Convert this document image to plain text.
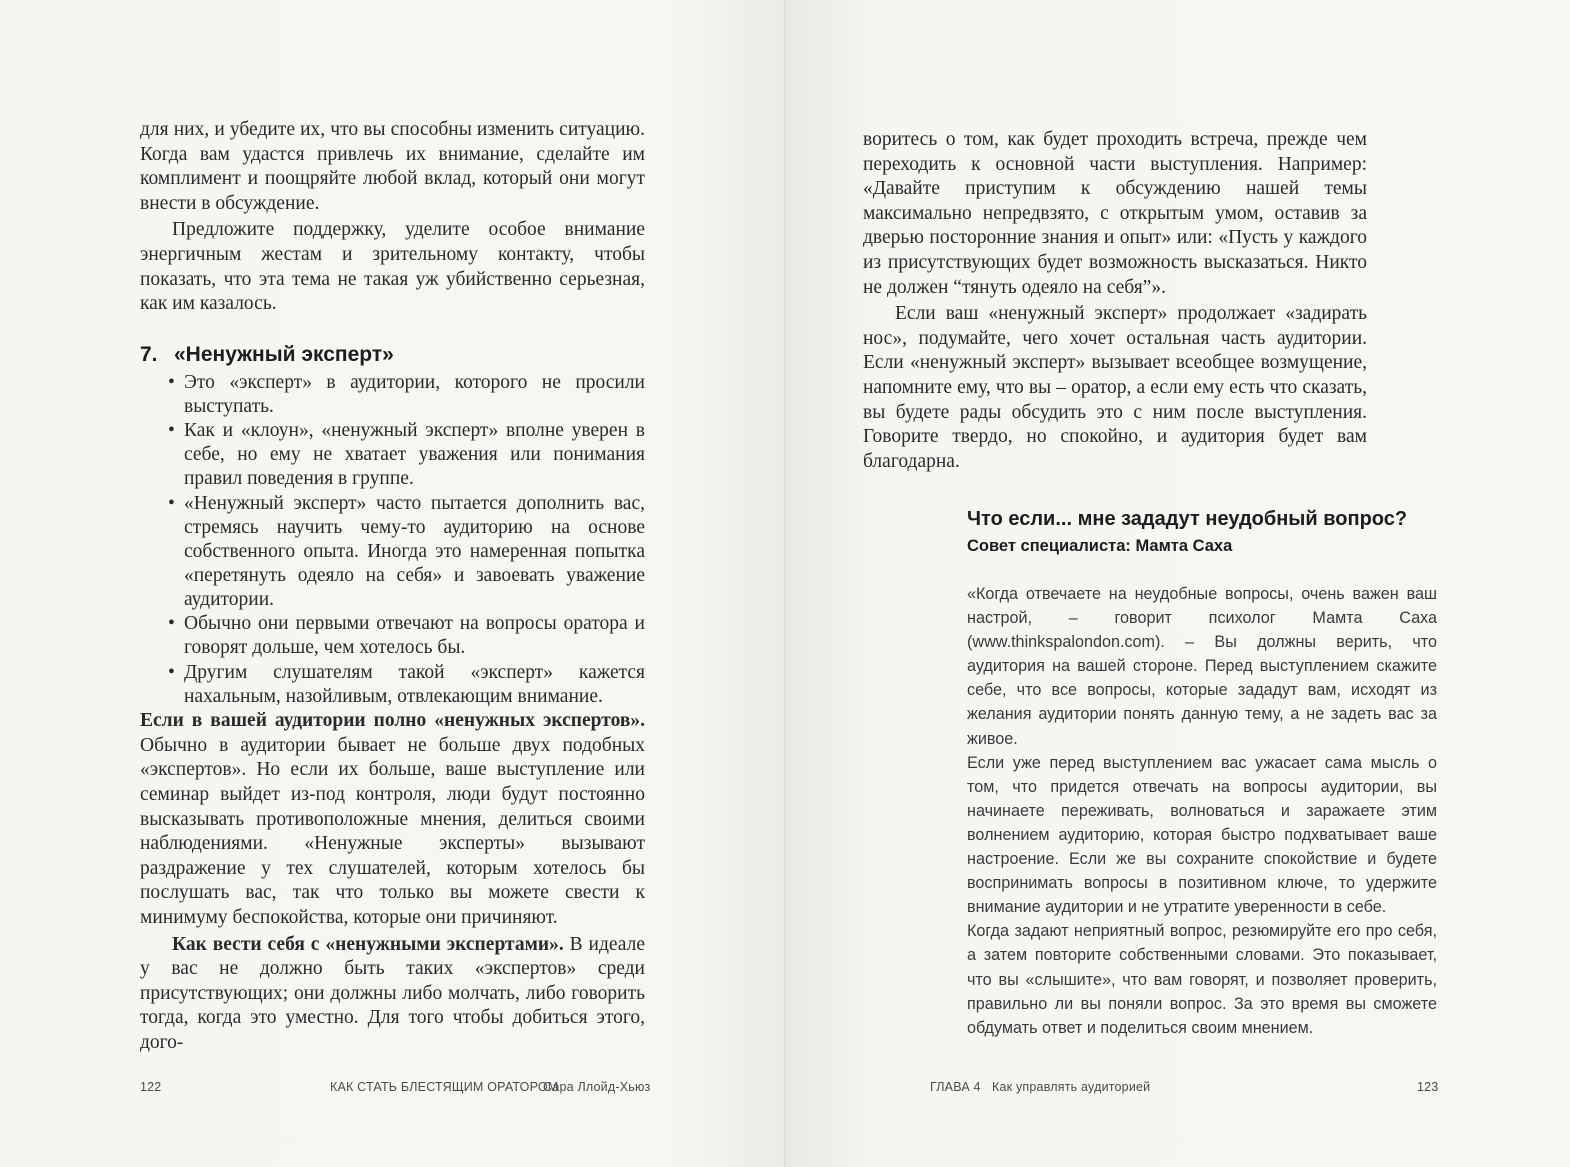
для них, и убедите их, что вы способны изменить ситуацию. Когда вам удастся привлечь их внимание, сделайте им комплимент и поощряйте любой вклад, который они могут внести в обсуждение.

Предложите поддержку, уделите особое внимание энергичным жестам и зрительному контакту, чтобы показать, что эта тема не такая уж убийственно серьезная, как им казалось.

7. «Ненужный эксперт»
• Это «эксперт» в аудитории, которого не просили выступать.
• Как и «клоун», «ненужный эксперт» вполне уверен в себе, но ему не хватает уважения или понимания правил поведения в группе.
• «Ненужный эксперт» часто пытается дополнить вас, стремясь научить чему-то аудиторию на основе собственного опыта. Иногда это намеренная попытка «перетянуть одеяло на себя» и завоевать уважение аудитории.
• Обычно они первыми отвечают на вопросы оратора и говорят дольше, чем хотелось бы.
• Другим слушателям такой «эксперт» кажется нахальным, назойливым, отвлекающим внимание.

Если в вашей аудитории полно «ненужных экспертов». Обычно в аудитории бывает не больше двух подобных «экспертов». Но если их больше, ваше выступление или семинар выйдет из-под контроля, люди будут постоянно высказывать противоположные мнения, делиться своими наблюдениями. «Ненужные эксперты» вызывают раздражение у тех слушателей, которым хотелось бы послушать вас, так что только вы можете свести к минимуму беспокойства, которые они причиняют.

Как вести себя с «ненужными экспертами». В идеале у вас не должно быть таких «экспертов» среди присутствующих; они должны либо молчать, либо говорить тогда, когда это уместно. Для того чтобы добиться этого, дого-

122	КАК СТАТЬ БЛЕСТЯЩИМ ОРАТОРОМ
Сара Ллойд-Хьюз

воритесь о том, как будет проходить встреча, прежде чем переходить к основной части выступления. Например: «Давайте приступим к обсуждению нашей темы максимально непредвзято, с открытым умом, оставив за дверью посторонние знания и опыт» или: «Пусть у каждого из присутствующих будет возможность высказаться. Никто не должен “тянуть одеяло на себя”».

Если ваш «ненужный эксперт» продолжает «задирать нос», подумайте, чего хочет остальная часть аудитории. Если «ненужный эксперт» вызывает всеобщее возмущение, напомните ему, что вы – оратор, а если ему есть что сказать, вы будете рады обсудить это с ним после выступления. Говорите твердо, но спокойно, и аудитория будет вам благодарна.

Что если... мне зададут неудобный вопрос?
Совет специалиста: Мамта Саха

«Когда отвечаете на неудобные вопросы, очень важен ваш настрой, – говорит психолог Мамта Саха (www.thinkspalondon.com). – Вы должны верить, что аудитория на вашей стороне. Перед выступлением скажите себе, что все вопросы, которые зададут вам, исходят из желания аудитории понять данную тему, а не задеть вас за живое.

Если уже перед выступлением вас ужасает сама мысль о том, что придется отвечать на вопросы аудитории, вы начинаете переживать, волноваться и заражаете этим волнением аудиторию, которая быстро подхватывает ваше настроение. Если же вы сохраните спокойствие и будете воспринимать вопросы в позитивном ключе, то удержите внимание аудитории и не утратите уверенности в себе.

Когда задают неприятный вопрос, резюмируйте его про себя, а затем повторите собственными словами. Это показывает, что вы «слышите», что вам говорят, и позволяет проверить, правильно ли вы поняли вопрос. За это время вы сможете обдумать ответ и поделиться своим мнением.

ГЛАВА 4 Как управлять аудиторией	123
